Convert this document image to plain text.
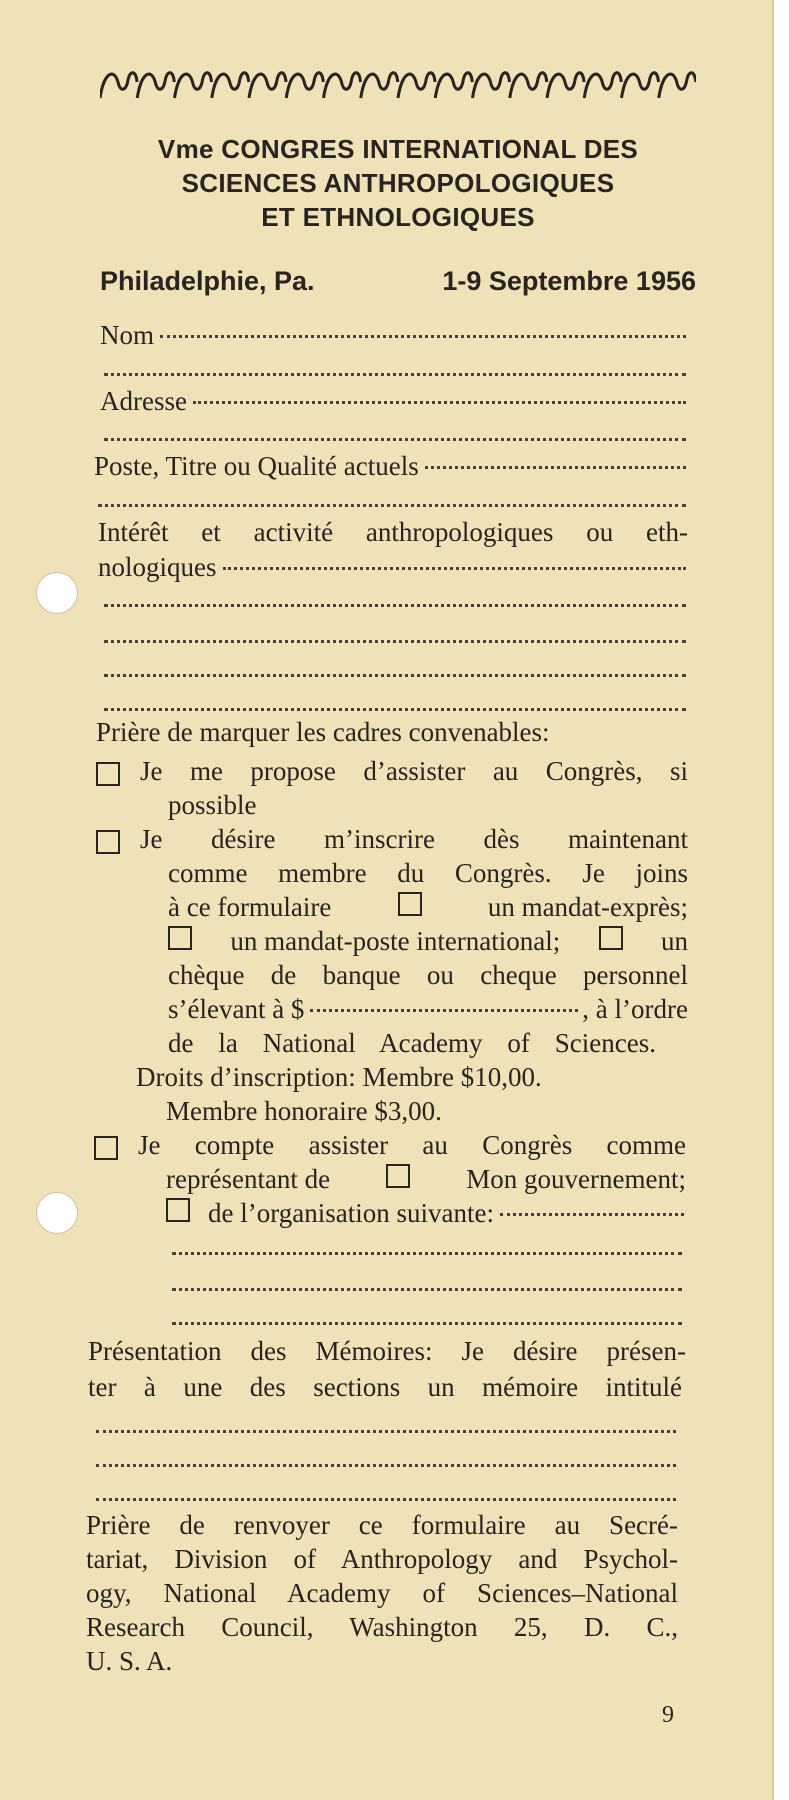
Vme CONGRES INTERNATIONAL DES
SCIENCES ANTHROPOLOGIQUES
ET ETHNOLOGIQUES
Philadelphie, Pa.	1-9 Septembre 1956
Nom
Adresse
Poste, Titre ou Qualité actuels
Intérêt et activité anthropologiques ou eth-
nologiques
Prière de marquer les cadres convenables:
Je me propose d’assister au Congrès, si
possible
Je désire m’inscrire dès maintenant
comme membre du Congrès. Je joins
à ce formulaire	un mandat-exprès;
un mandat-poste international;	un
chèque de banque ou cheque personnel
s’élevant à $	, à l’ordre
de la National Academy of Sciences.
Droits d’inscription: Membre $10,00.
Membre honoraire $3,00.
Je compte assister au Congrès comme
représentant de	Mon gouvernement;
de l’organisation suivante:
Présentation des Mémoires: Je désire présen-
ter à une des sections un mémoire intitulé
Prière de renvoyer ce formulaire au Secré-
tariat, Division of Anthropology and Psychol-
ogy, National Academy of Sciences–National
Research Council, Washington 25, D. C.,
U. S. A.
9
